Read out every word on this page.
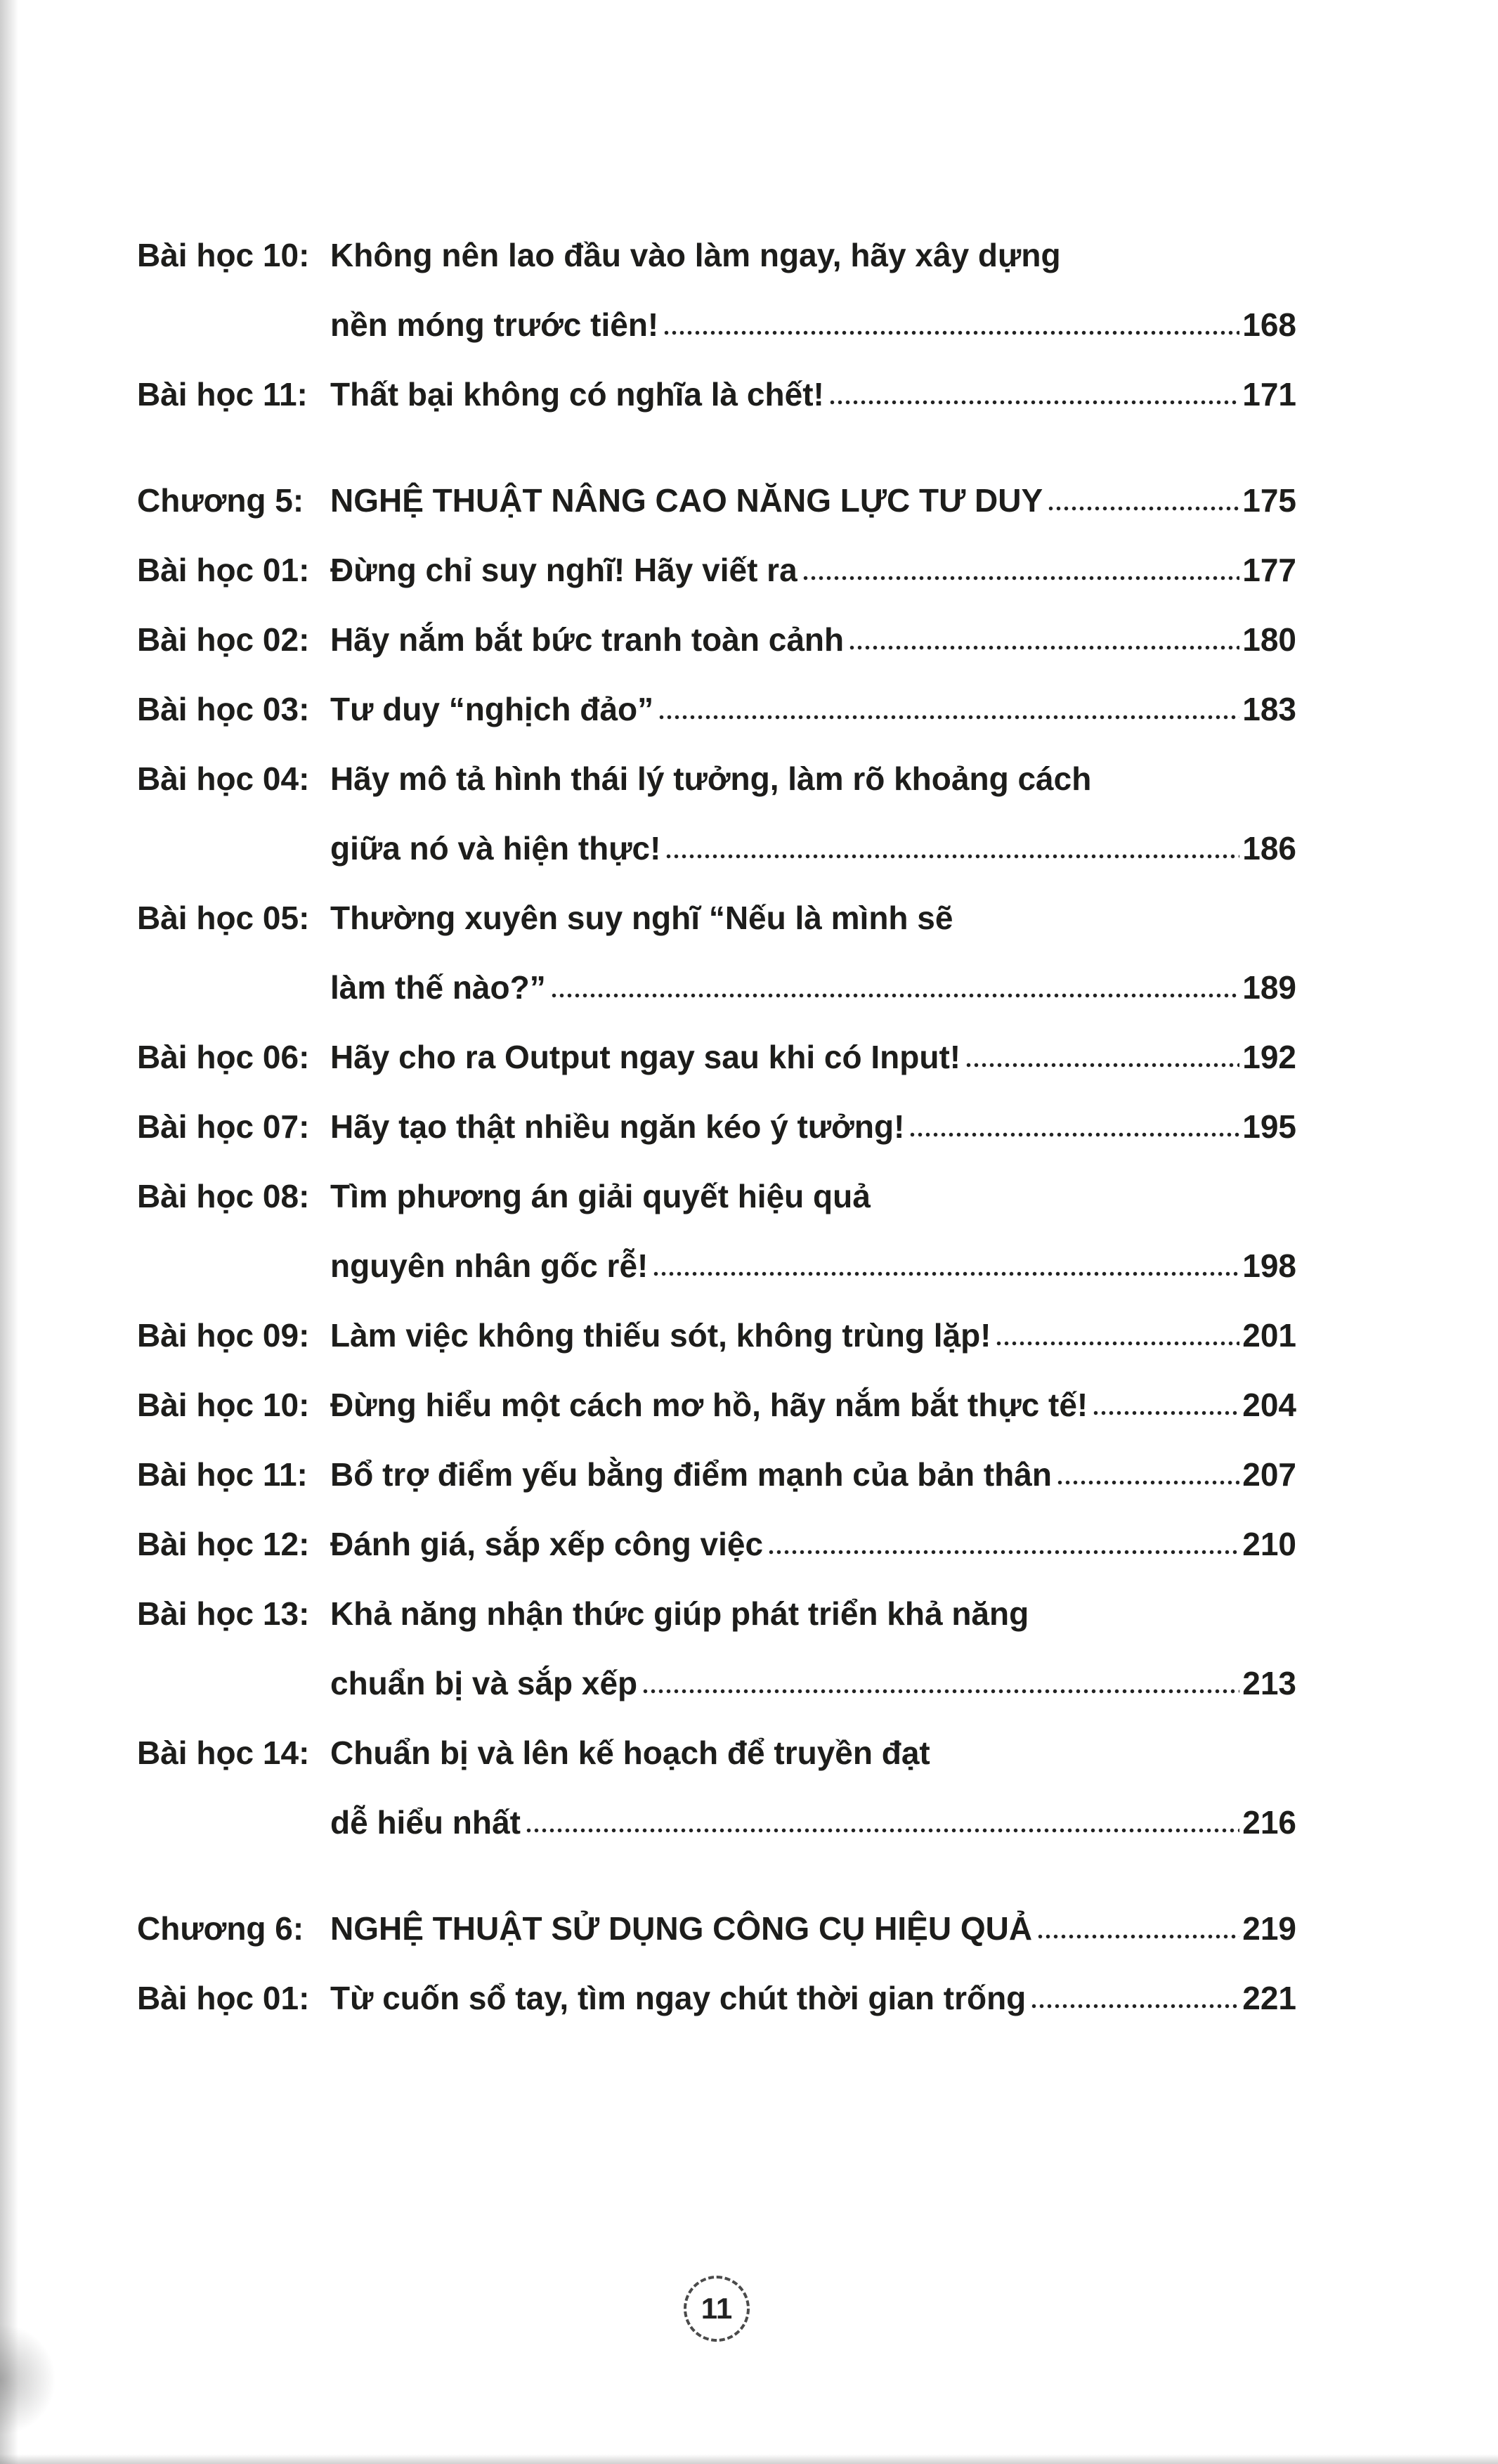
Bài học 10: Không nên lao đầu vào làm ngay, hãy xây dựng
nền móng trước tiên!	168
Bài học 11: Thất bại không có nghĩa là chết!	171
Chương 5: NGHỆ THUẬT NÂNG CAO NĂNG LỰC TƯ DUY	175
Bài học 01: Đừng chỉ suy nghĩ! Hãy viết ra	177
Bài học 02: Hãy nắm bắt bức tranh toàn cảnh	180
Bài học 03: Tư duy “nghịch đảo”	183
Bài học 04: Hãy mô tả hình thái lý tưởng, làm rõ khoảng cách
giữa nó và hiện thực!	186
Bài học 05: Thường xuyên suy nghĩ “Nếu là mình sẽ
làm thế nào?”	189
Bài học 06: Hãy cho ra Output ngay sau khi có Input!	192
Bài học 07: Hãy tạo thật nhiều ngăn kéo ý tưởng!	195
Bài học 08: Tìm phương án giải quyết hiệu quả
nguyên nhân gốc rễ!	198
Bài học 09: Làm việc không thiếu sót, không trùng lặp!	201
Bài học 10: Đừng hiểu một cách mơ hồ, hãy nắm bắt thực tế!	204
Bài học 11: Bổ trợ điểm yếu bằng điểm mạnh của bản thân	207
Bài học 12: Đánh giá, sắp xếp công việc	210
Bài học 13: Khả năng nhận thức giúp phát triển khả năng
chuẩn bị và sắp xếp	213
Bài học 14: Chuẩn bị và lên kế hoạch để truyền đạt
dễ hiểu nhất	216
Chương 6: NGHỆ THUẬT SỬ DỤNG CÔNG CỤ HIỆU QUẢ	219
Bài học 01: Từ cuốn sổ tay, tìm ngay chút thời gian trống	221
11
